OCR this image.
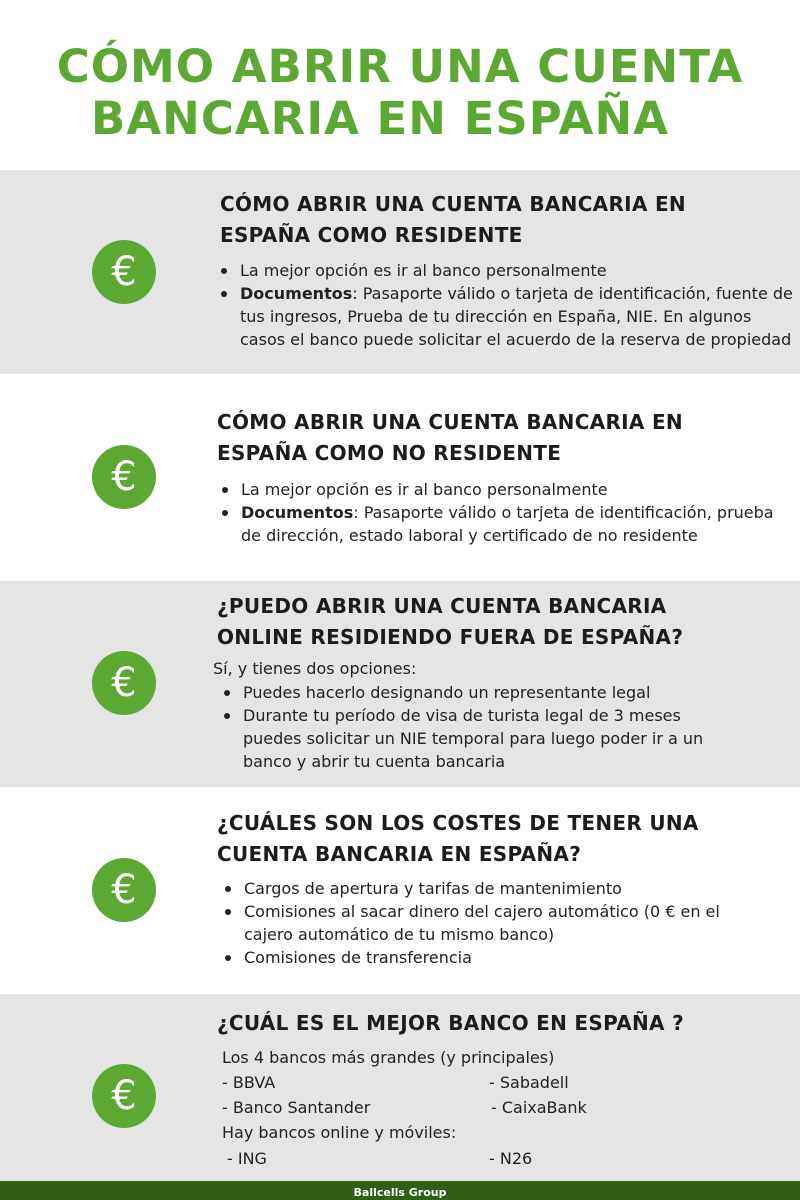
CÓMO ABRIR UNA CUENTA
BANCARIA EN ESPAÑA
€
CÓMO ABRIR UNA CUENTA BANCARIA EN
ESPAÑA COMO RESIDENTE
La mejor opción es ir al banco personalmente
Documentos: Pasaporte válido o tarjeta de identificación, fuente de tus ingresos, Prueba de tu dirección en España, NIE. En algunos casos el banco puede solicitar el acuerdo de la reserva de propiedad
€
CÓMO ABRIR UNA CUENTA BANCARIA EN
ESPAÑA COMO NO RESIDENTE
La mejor opción es ir al banco personalmente
Documentos: Pasaporte válido o tarjeta de identificación, prueba de dirección, estado laboral y certificado de no residente
€
¿PUEDO ABRIR UNA CUENTA BANCARIA
ONLINE RESIDIENDO FUERA DE ESPAÑA?
Sí, y tienes dos opciones:
Puedes hacerlo designando un representante legal
Durante tu período de visa de turista legal de 3 meses puedes solicitar un NIE temporal para luego poder ir a un banco y abrir tu cuenta bancaria
€
¿CUÁLES SON LOS COSTES DE TENER UNA
CUENTA BANCARIA EN ESPAÑA?
Cargos de apertura y tarifas de mantenimiento
Comisiones al sacar dinero del cajero automático (0 € en el cajero automático de tu mismo banco)
Comisiones de transferencia
€
¿CUÁL ES EL MEJOR BANCO EN ESPAÑA ?
Los 4 bancos más grandes (y principales)
- BBVA	- Sabadell
- Banco Santander	- CaixaBank
Hay bancos online y móviles:
- ING	- N26
Ballcells Group
